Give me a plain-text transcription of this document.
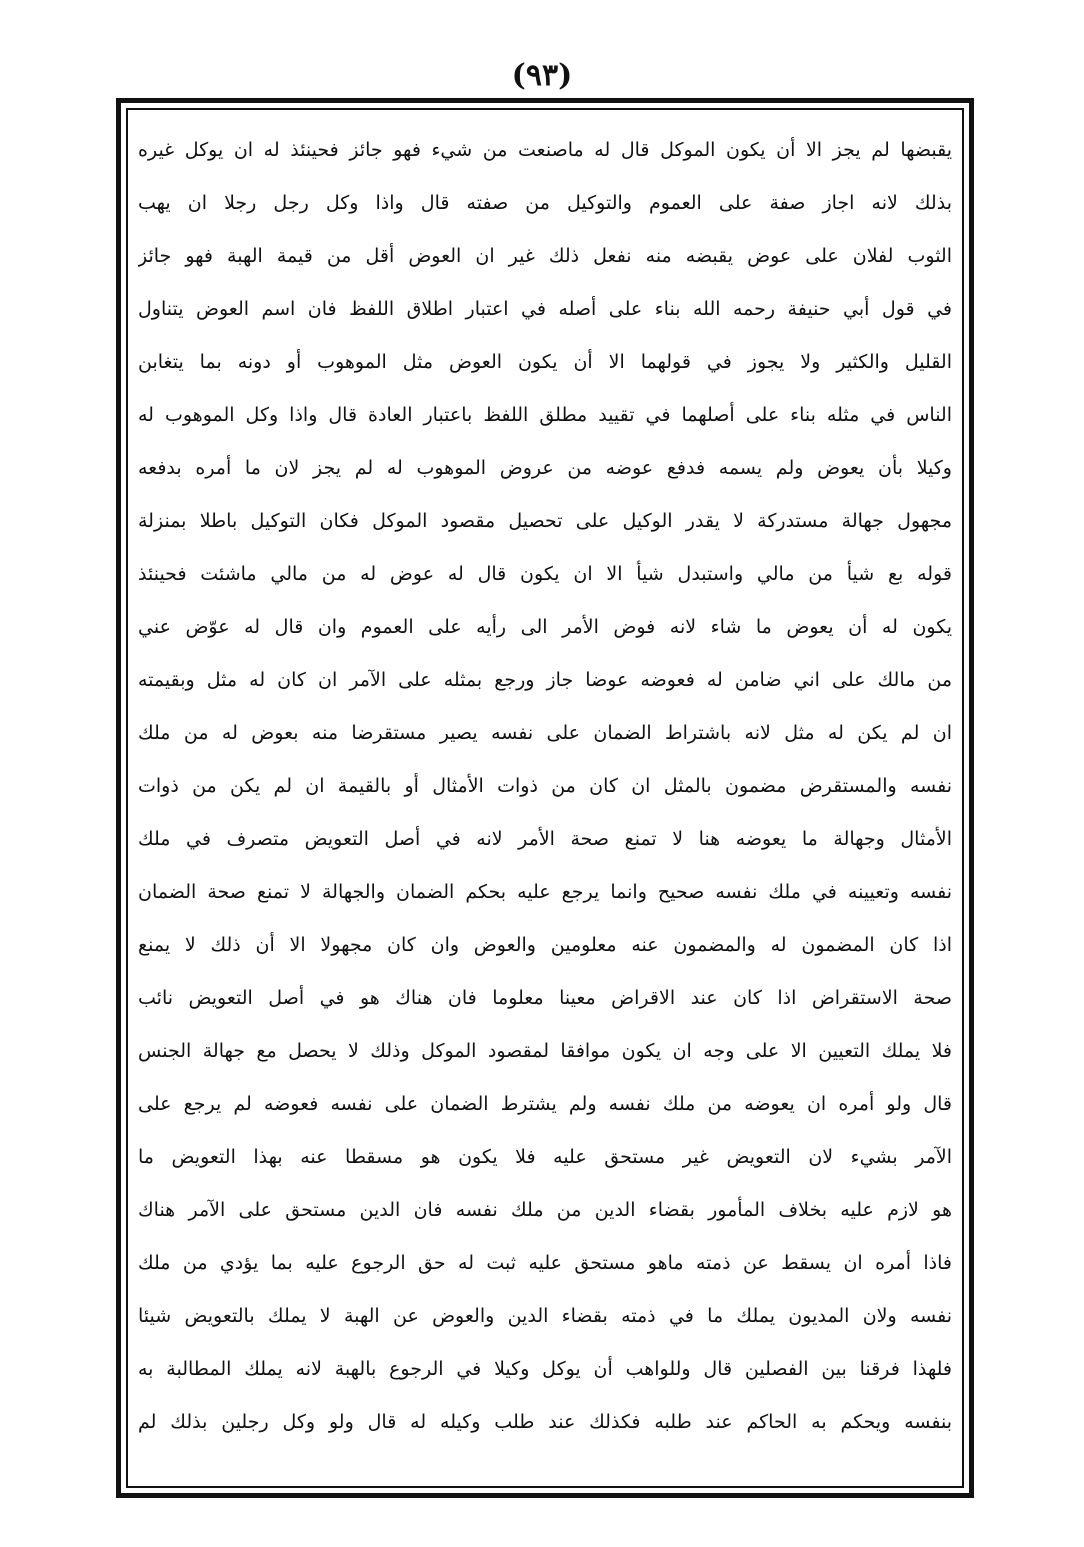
(٩٣)
يقبضها لم يجز الا أن يكون الموكل قال له ماصنعت من شيء فهو جائز فحينئذ له ان يوكل غيره
بذلك لانه اجاز صفة على العموم والتوكيل من صفته قال واذا وكل رجل رجلا ان يهب
الثوب لفلان على عوض يقبضه منه نفعل ذلك غير ان العوض أقل من قيمة الهبة فهو جائز
في قول أبي حنيفة رحمه الله بناء على أصله في اعتبار اطلاق اللفظ فان اسم العوض يتناول
القليل والكثير ولا يجوز في قولهما الا أن يكون العوض مثل الموهوب أو دونه بما يتغابن
الناس في مثله بناء على أصلهما في تقييد مطلق اللفظ باعتبار العادة قال واذا وكل الموهوب له
وكيلا بأن يعوض ولم يسمه فدفع عوضه من عروض الموهوب له لم يجز لان ما أمره بدفعه
مجهول جهالة مستدركة لا يقدر الوكيل على تحصيل مقصود الموكل فكان التوكيل باطلا بمنزلة
قوله بع شيأ من مالي واستبدل شيأ الا ان يكون قال له عوض له من مالي ماشئت فحينئذ
يكون له أن يعوض ما شاء لانه فوض الأمر الى رأيه على العموم وان قال له عوّض عني
من مالك على اني ضامن له فعوضه عوضا جاز ورجع بمثله على الآمر ان كان له مثل وبقيمته
ان لم يكن له مثل لانه باشتراط الضمان على نفسه يصير مستقرضا منه بعوض له من ملك
نفسه والمستقرض مضمون بالمثل ان كان من ذوات الأمثال أو بالقيمة ان لم يكن من ذوات
الأمثال وجهالة ما يعوضه هنا لا تمنع صحة الأمر لانه في أصل التعويض متصرف في ملك
نفسه وتعيينه في ملك نفسه صحيح وانما يرجع عليه بحكم الضمان والجهالة لا تمنع صحة الضمان
اذا كان المضمون له والمضمون عنه معلومين والعوض وان كان مجهولا الا أن ذلك لا يمنع
صحة الاستقراض اذا كان عند الاقراض معينا معلوما فان هناك هو في أصل التعويض نائب
فلا يملك التعيين الا على وجه ان يكون موافقا لمقصود الموكل وذلك لا يحصل مع جهالة الجنس
قال ولو أمره ان يعوضه من ملك نفسه ولم يشترط الضمان على نفسه فعوضه لم يرجع على
الآمر بشيء لان التعويض غير مستحق عليه فلا يكون هو مسقطا عنه بهذا التعويض ما
هو لازم عليه بخلاف المأمور بقضاء الدين من ملك نفسه فان الدين مستحق على الآمر هناك
فاذا أمره ان يسقط عن ذمته ماهو مستحق عليه ثبت له حق الرجوع عليه بما يؤدي من ملك
نفسه ولان المديون يملك ما في ذمته بقضاء الدين والعوض عن الهبة لا يملك بالتعويض شيئا
فلهذا فرقنا بين الفصلين قال وللواهب أن يوكل وكيلا في الرجوع بالهبة لانه يملك المطالبة به
بنفسه ويحكم به الحاكم عند طلبه فكذلك عند طلب وكيله له قال ولو وكل رجلين بذلك لم
